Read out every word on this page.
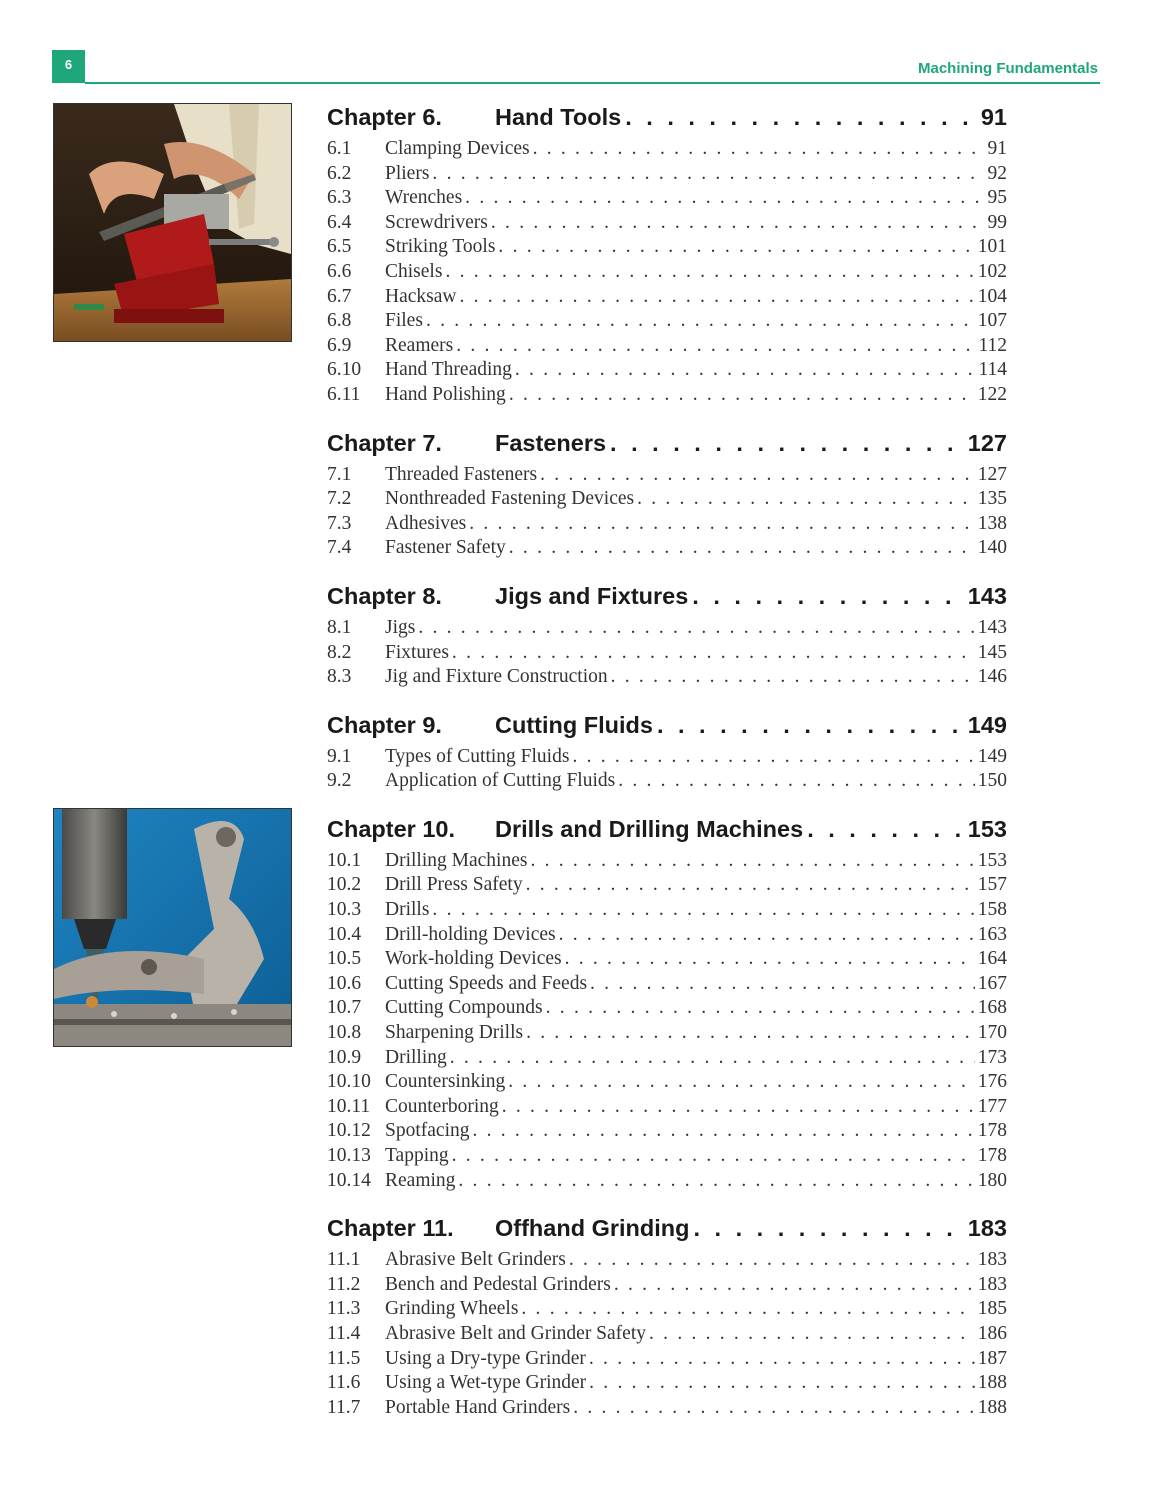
6	Machining Fundamentals
Chapter 6.	Hand Tools . . .	91
6.1	Clamping Devices . . .	91
6.2	Pliers . . .	92
6.3	Wrenches . . .	95
6.4	Screwdrivers . . .	99
6.5	Striking Tools . . .	101
6.6	Chisels . . .	102
6.7	Hacksaw . . .	104
6.8	Files . . .	107
6.9	Reamers . . .	112
6.10	Hand Threading . . .	114
6.11	Hand Polishing . . .	122
Chapter 7.	Fasteners . . .	127
7.1	Threaded Fasteners . . .	127
7.2	Nonthreaded Fastening Devices . . .	135
7.3	Adhesives . . .	138
7.4	Fastener Safety . . .	140
Chapter 8.	Jigs and Fixtures . . .	143
8.1	Jigs . . .	143
8.2	Fixtures . . .	145
8.3	Jig and Fixture Construction . . .	146
Chapter 9.	Cutting Fluids . . .	149
9.1	Types of Cutting Fluids . . .	149
9.2	Application of Cutting Fluids . . .	150
Chapter 10.	Drills and Drilling Machines . . .	153
10.1	Drilling Machines . . .	153
10.2	Drill Press Safety . . .	157
10.3	Drills . . .	158
10.4	Drill-holding Devices . . .	163
10.5	Work-holding Devices . . .	164
10.6	Cutting Speeds and Feeds . . .	167
10.7	Cutting Compounds . . .	168
10.8	Sharpening Drills . . .	170
10.9	Drilling . . .	173
10.10 Countersinking . . .	176
10.11 Counterboring . . .	177
10.12 Spotfacing . . .	178
10.13 Tapping . . .	178
10.14 Reaming . . .	180
Chapter 11.	Offhand Grinding . . .	183
11.1	Abrasive Belt Grinders . . .	183
11.2	Bench and Pedestal Grinders . . .	183
11.3	Grinding Wheels . . .	185
11.4	Abrasive Belt and Grinder Safety . . .	186
11.5	Using a Dry-type Grinder . . .	187
11.6	Using a Wet-type Grinder . . .	188
11.7	Portable Hand Grinders . . .	188
